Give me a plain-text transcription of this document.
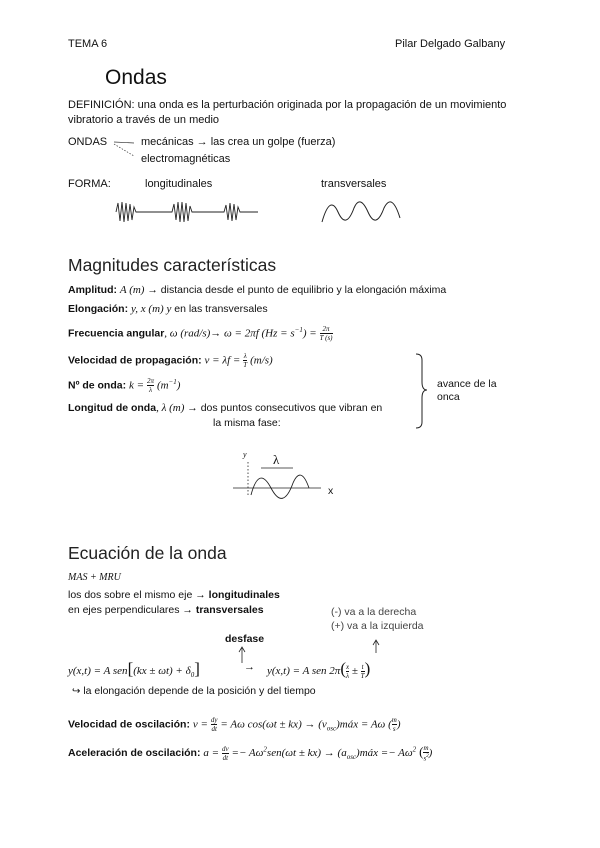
TEMA 6	Pilar Delgado Galbany
Ondas
DEFINICIÓN: una onda es la perturbación originada por la propagación de un movimiento
vibratorio a través de un medio
ONDAS	mecánicas → las crea un golpe (fuerza)
electromagnéticas
FORMA:	longitudinales	transversales
Magnitudes características
Amplitud: A (m) → distancia desde el punto de equilibrio y la elongación máxima
Elongación: y, x (m) y en las transversales
Frecuencia angular, ω (rad/s)→ ω = 2πf $(Hz = s^{-1}) = \frac{2\pi}{T (s)}$
Velocidad de propagación: $v = \lambda f = \frac{\lambda}{T} (m/s)$
Nº de onda: $k = \frac{2\pi}{\lambda} (m^{-1})$
Longitud de onda, λ (m) → dos puntos consecutivos que vibran en
la misma fase:
avance de la
onca
y λ
x
Ecuación de la onda
MAS + MRU
los dos sobre el mismo eje → longitudinales
en ejes perpendiculares → transversales	(-) va a la derecha
(+) va a la izquierda
desfase
y(x,t) = A $sen[(kx \pm \omega t) + \delta_0]$	→ y(x,t) = A sen $2\pi( \frac{x}{\lambda} \pm \frac{t}{T}$ )
↪ la elongación depende de la posición y del tiempo
Velocidad de oscilación: $v = \frac{dy}{dt} = A\omega$ $\cos(\omega t \pm kx) \to (v_{osc})máx = A\omega$ ( $\frac{m}{s}$ )
Aceleración de oscilación: $a = \frac{dv}{dt} =- A\omega^2sen(\omega t \pm kx)$ → $(a_{osc})máx =- A\omega^2$ ( $\frac{m}{s^2}$ )
